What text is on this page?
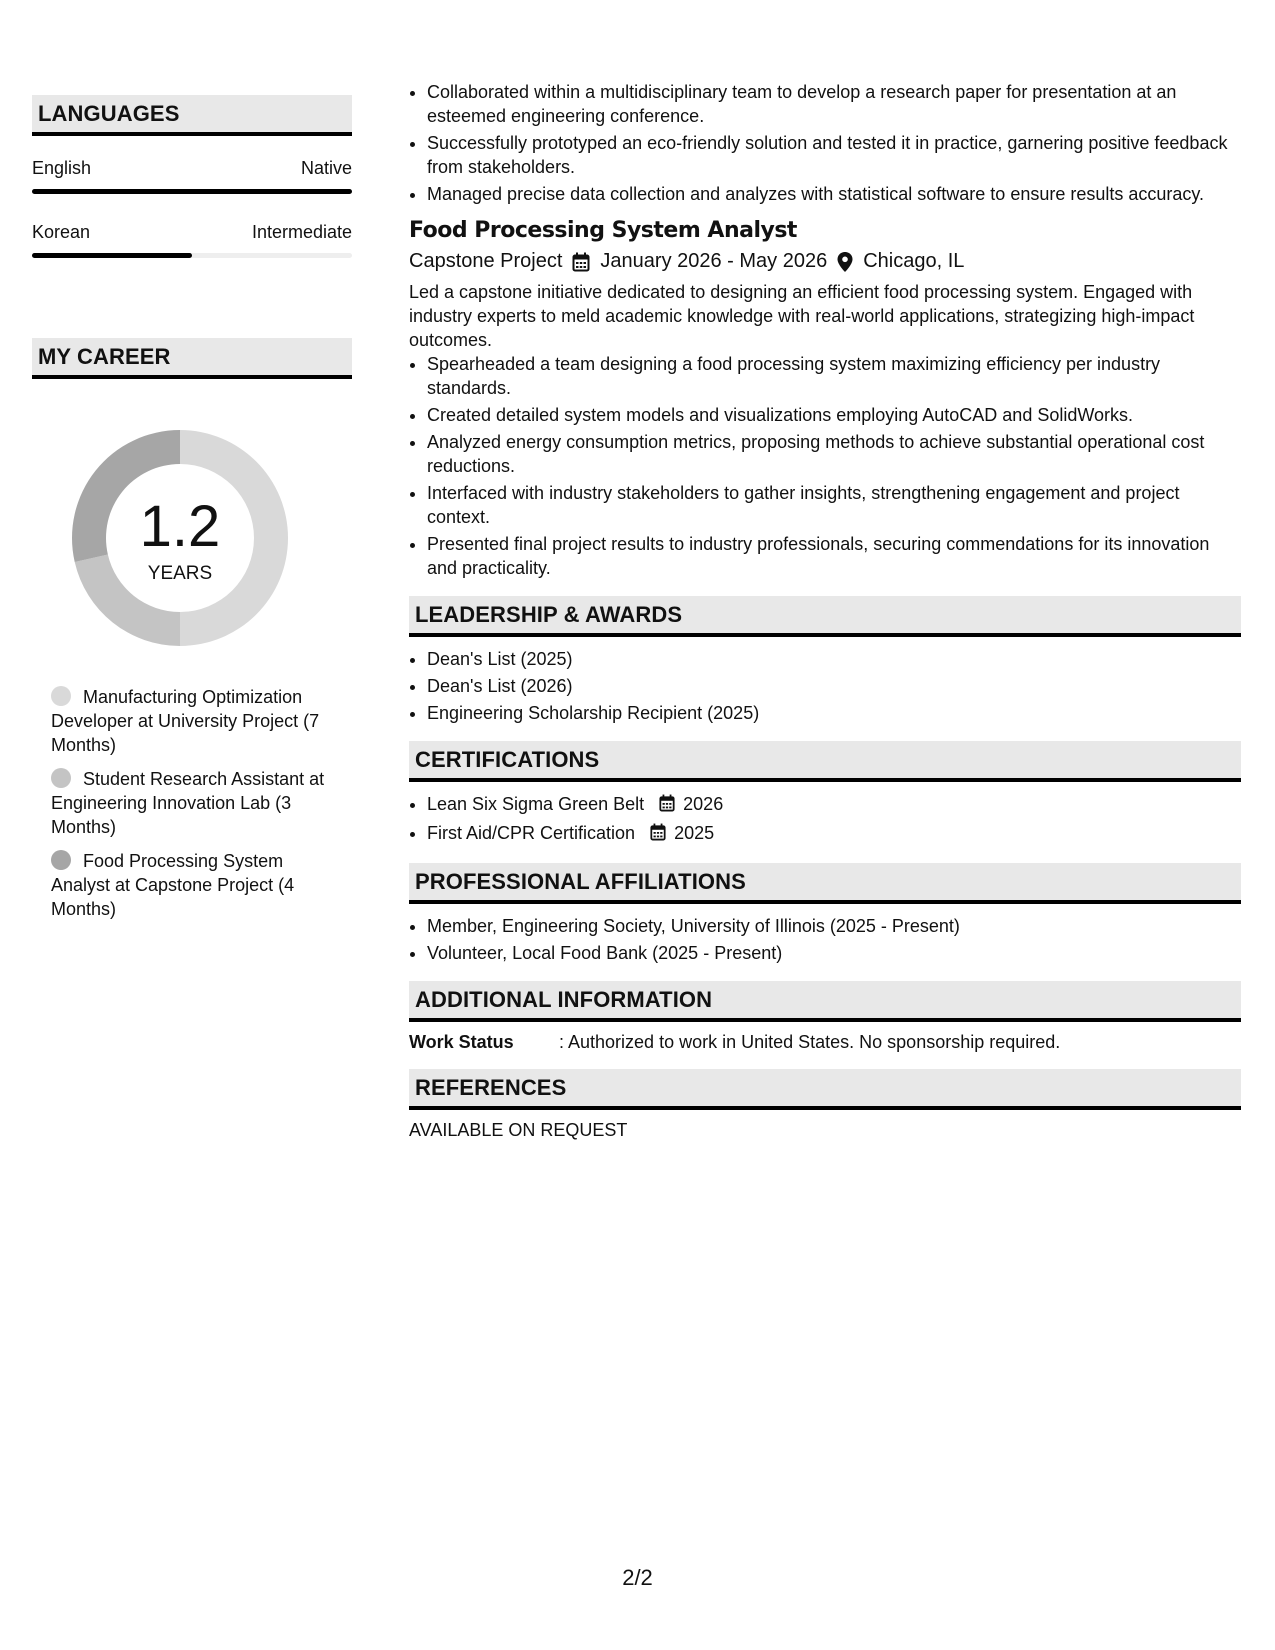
LANGUAGES
English	Native
Korean	Intermediate
MY CAREER
1.2
YEARS
Manufacturing Optimization Developer at University Project (7 Months)
Student Research Assistant at Engineering Innovation Lab (3 Months)
Food Processing System Analyst at Capstone Project (4 Months)
• Collaborated within a multidisciplinary team to develop a research paper for presentation at an esteemed engineering conference.
• Successfully prototyped an eco-friendly solution and tested it in practice, garnering positive feedback from stakeholders.
• Managed precise data collection and analyzes with statistical software to ensure results accuracy.
Food Processing System Analyst
Capstone Project January 2026 - May 2026 Chicago, IL
Led a capstone initiative dedicated to designing an efficient food processing system. Engaged with industry experts to meld academic knowledge with real-world applications, strategizing high-impact outcomes.
• Spearheaded a team designing a food processing system maximizing efficiency per industry standards.
• Created detailed system models and visualizations employing AutoCAD and SolidWorks.
• Analyzed energy consumption metrics, proposing methods to achieve substantial operational cost reductions.
• Interfaced with industry stakeholders to gather insights, strengthening engagement and project context.
• Presented final project results to industry professionals, securing commendations for its innovation and practicality.
LEADERSHIP & AWARDS
• Dean's List (2025)
• Dean's List (2026)
• Engineering Scholarship Recipient (2025)
CERTIFICATIONS
• Lean Six Sigma Green Belt 2026
• First Aid/CPR Certification 2025
PROFESSIONAL AFFILIATIONS
• Member, Engineering Society, University of Illinois (2025 - Present)
• Volunteer, Local Food Bank (2025 - Present)
ADDITIONAL INFORMATION
Work Status	: Authorized to work in United States. No sponsorship required.
REFERENCES
AVAILABLE ON REQUEST
2/2
